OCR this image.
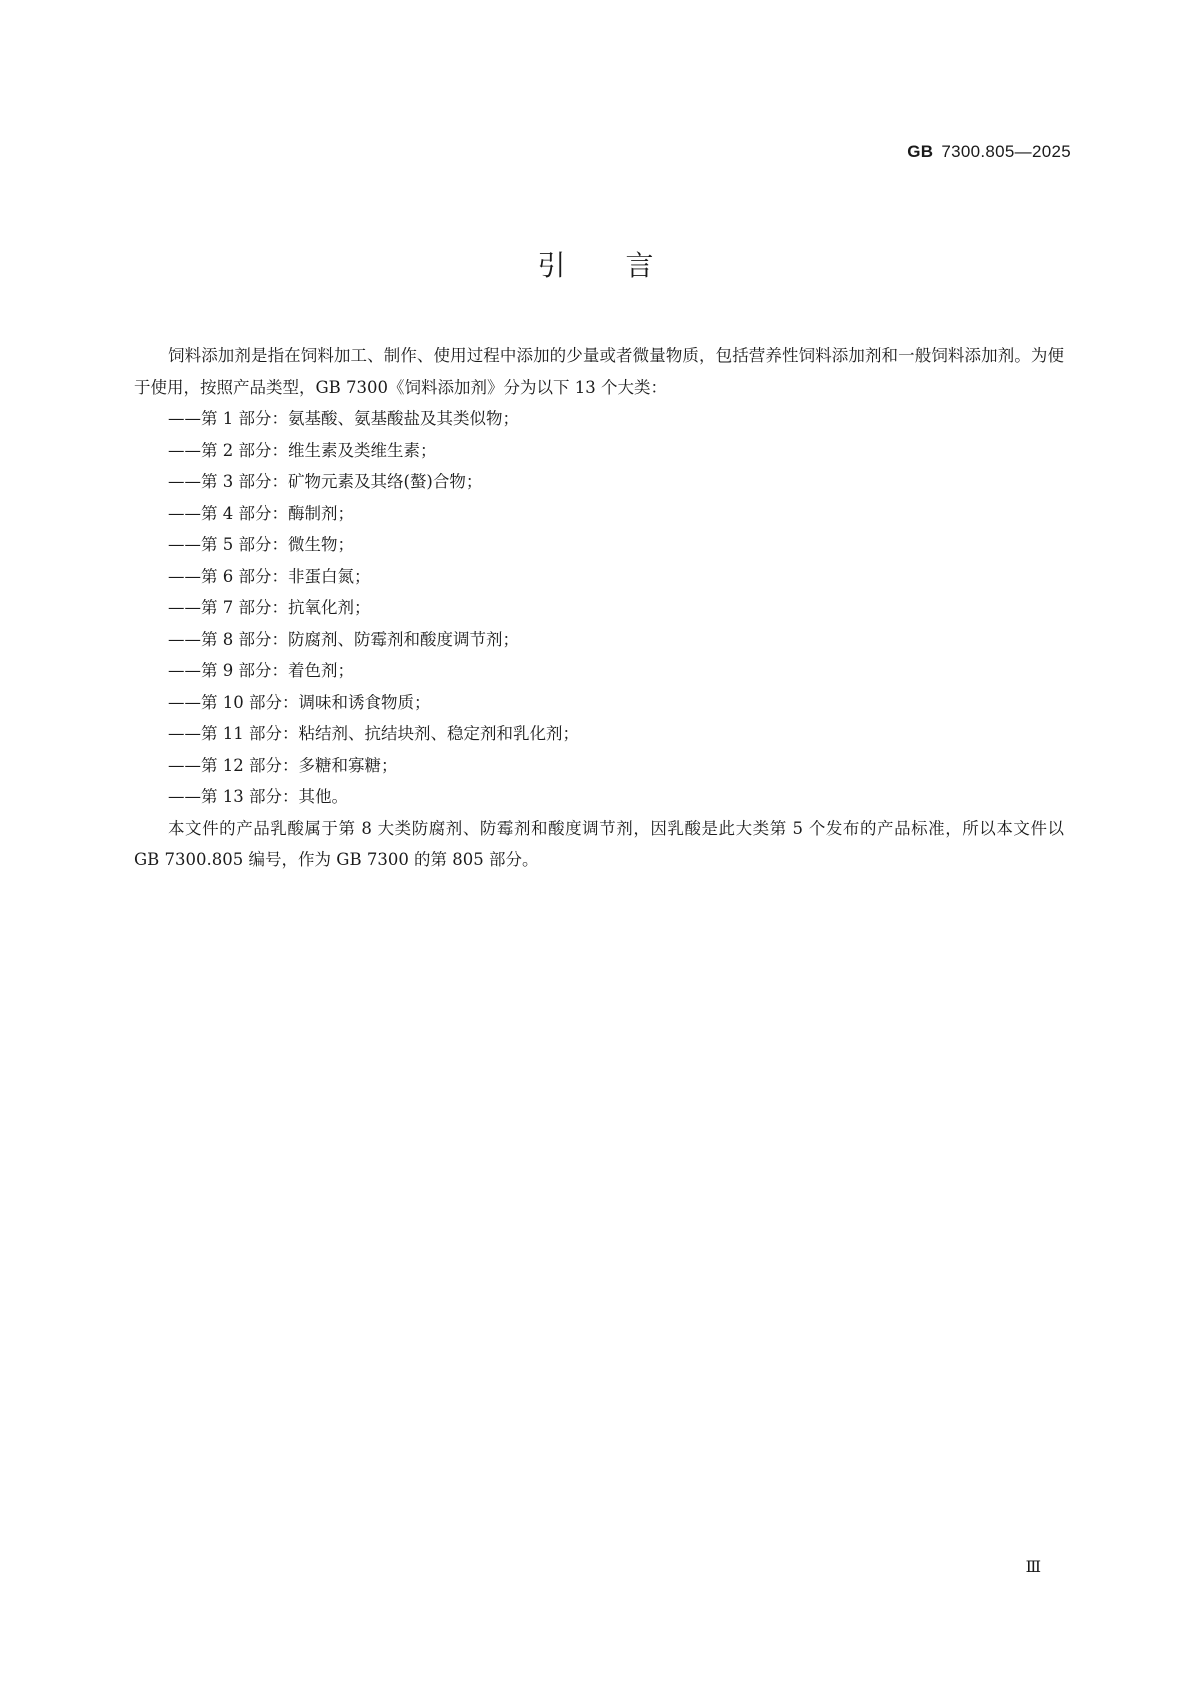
GB 7300.805—2025
引言

饲料添加剂是指在饲料加工、制作、使用过程中添加的少量或者微量物质，包括营养性饲料添加剂和一般饲料添加剂。为便于使用，按照产品类型，GB 7300《饲料添加剂》分为以下 13 个大类：

——第 1 部分：氨基酸、氨基酸盐及其类似物；
——第 2 部分：维生素及类维生素；
——第 3 部分：矿物元素及其络(螯)合物；
——第 4 部分：酶制剂；
——第 5 部分：微生物；
——第 6 部分：非蛋白氮；
——第 7 部分：抗氧化剂；
——第 8 部分：防腐剂、防霉剂和酸度调节剂；
——第 9 部分：着色剂；
——第 10 部分：调味和诱食物质；
——第 11 部分：粘结剂、抗结块剂、稳定剂和乳化剂；
——第 12 部分：多糖和寡糖；
——第 13 部分：其他。

本文件的产品乳酸属于第 8 大类防腐剂、防霉剂和酸度调节剂，因乳酸是此大类第 5 个发布的产品标准，所以本文件以 GB 7300.805 编号，作为 GB 7300 的第 805 部分。

Ⅲ
